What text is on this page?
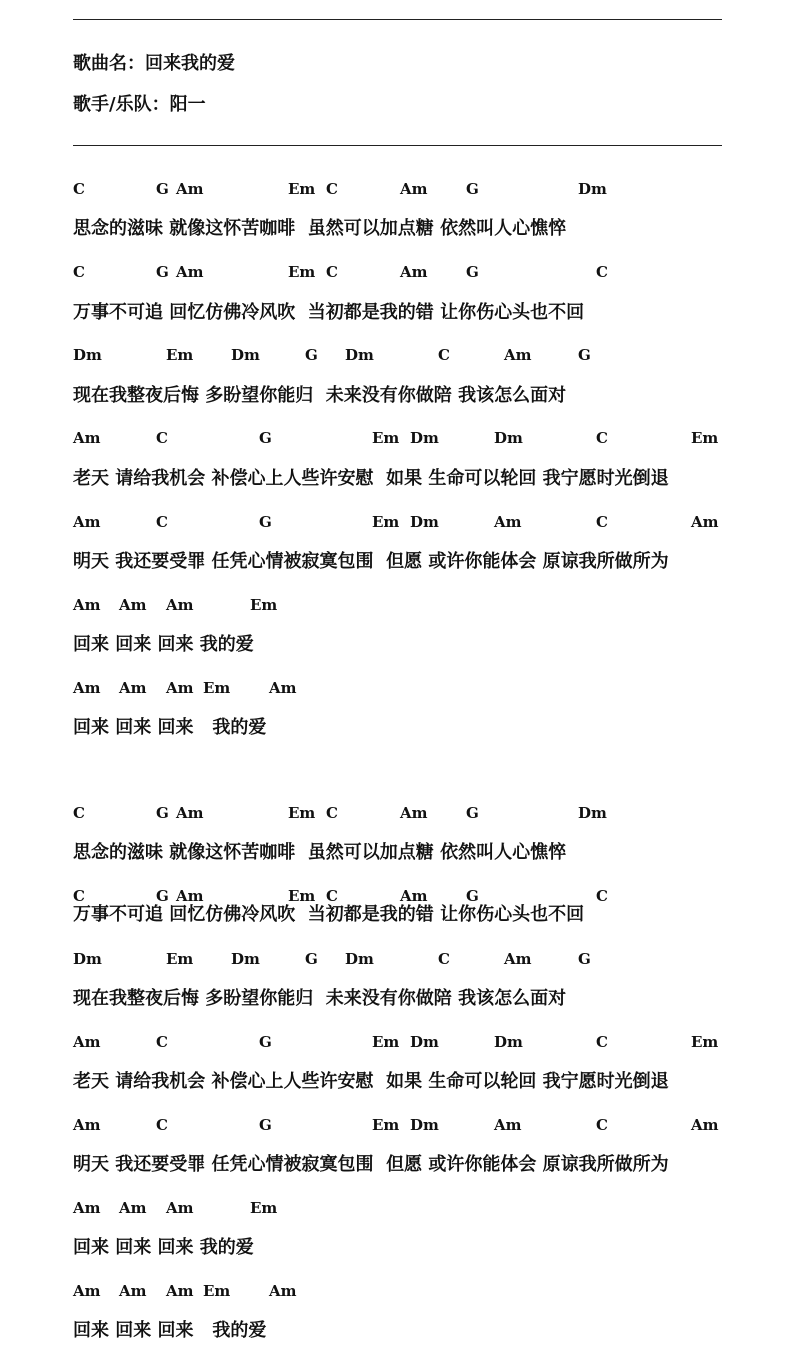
歌曲名：回来我的爱
歌手/乐队：阳一
C	G Am	Em C	Am	G	Dm
思念的滋味 就像这怀苦咖啡  虽然可以加点糖 依然叫人心憔悴
C	G Am	Em C	Am	G	C
万事不可追 回忆仿佛冷风吹  当初都是我的错 让你伤心头也不回
Dm	Em	Dm	G Dm	C	Am	G
现在我整夜后悔 多盼望你能归  未来没有你做陪 我该怎么面对
Am	C	G	Em Dm	Dm	C	Em
老天 请给我机会 补偿心上人些许安慰  如果 生命可以轮回 我宁愿时光倒退
Am	C	G	Em Dm	Am	C	Am
明天 我还要受罪 任凭心情被寂寞包围  但愿 或许你能体会 原谅我所做所为
Am Am Am	Em
回来 回来 回来 我的爱
Am Am Am Em	Am
回来 回来 回来   我的爱
C	G Am	Em C	Am	G	Dm
思念的滋味 就像这怀苦咖啡  虽然可以加点糖 依然叫人心憔悴
C	G Am	Em C	Am	G	C
万事不可追 回忆仿佛冷风吹  当初都是我的错 让你伤心头也不回
Dm	Em	Dm	G Dm	C	Am	G
现在我整夜后悔 多盼望你能归  未来没有你做陪 我该怎么面对
Am	C	G	Em Dm	Dm	C	Em
老天 请给我机会 补偿心上人些许安慰  如果 生命可以轮回 我宁愿时光倒退
Am	C	G	Em Dm	Am	C	Am
明天 我还要受罪 任凭心情被寂寞包围  但愿 或许你能体会 原谅我所做所为
Am Am Am	Em
回来 回来 回来 我的爱
Am Am Am Em	Am
回来 回来 回来   我的爱
